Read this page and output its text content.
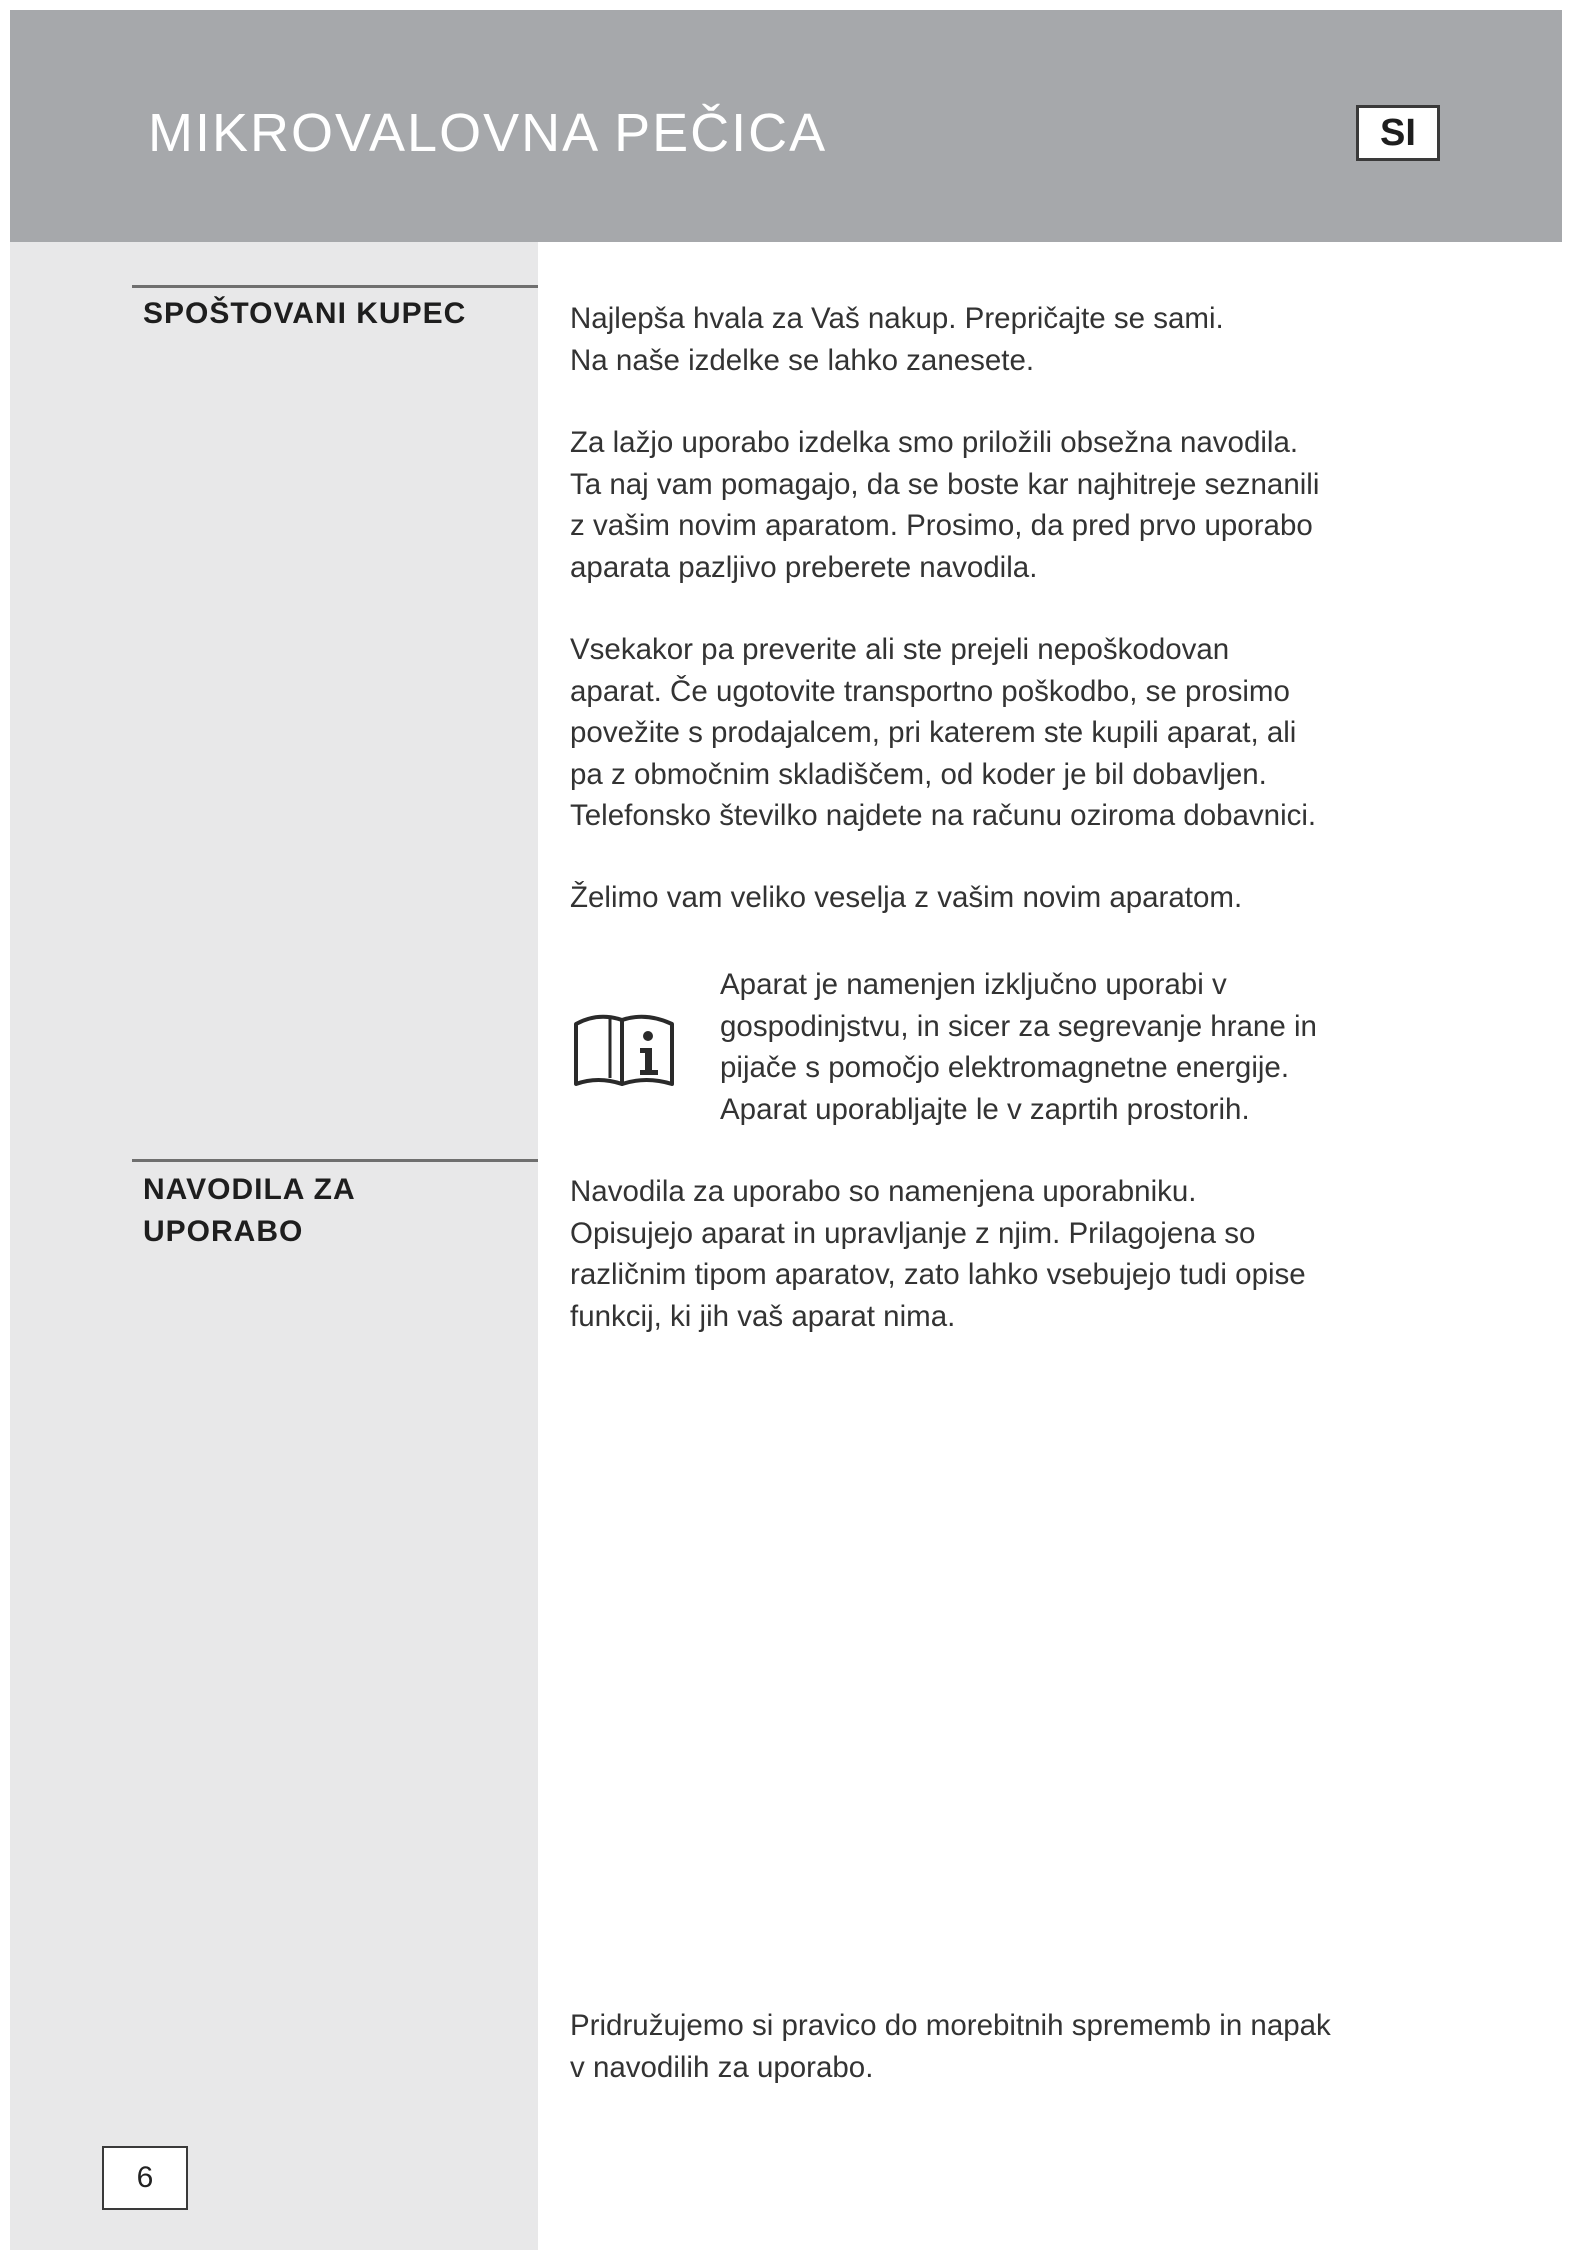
MIKROVALOVNA PEČICA	SI
SPOŠTOVANI KUPEC	Najlepša hvala za Vaš nakup. Prepričajte se sami.
Na naše izdelke se lahko zanesete.
Za lažjo uporabo izdelka smo priložili obsežna navodila.
Ta naj vam pomagajo, da se boste kar najhitreje seznanili
z vašim novim aparatom. Prosimo, da pred prvo uporabo
aparata pazljivo preberete navodila.
Vsekakor pa preverite ali ste prejeli nepoškodovan
aparat. Če ugotovite transportno poškodbo, se prosimo
povežite s prodajalcem, pri katerem ste kupili aparat, ali
pa z območnim skladiščem, od koder je bil dobavljen.
Telefonsko številko najdete na računu oziroma dobavnici.
Želimo vam veliko veselja z vašim novim aparatom.
Aparat je namenjen izključno uporabi v
gospodinjstvu, in sicer za segrevanje hrane in
pijače s pomočjo elektromagnetne energije.
Aparat uporabljajte le v zaprtih prostorih.
NAVODILA ZA
UPORABO
Navodila za uporabo so namenjena uporabniku.
Opisujejo aparat in upravljanje z njim. Prilagojena so
različnim tipom aparatov, zato lahko vsebujejo tudi opise
funkcij, ki jih vaš aparat nima.
Pridružujemo si pravico do morebitnih sprememb in napak
v navodilih za uporabo.
6
